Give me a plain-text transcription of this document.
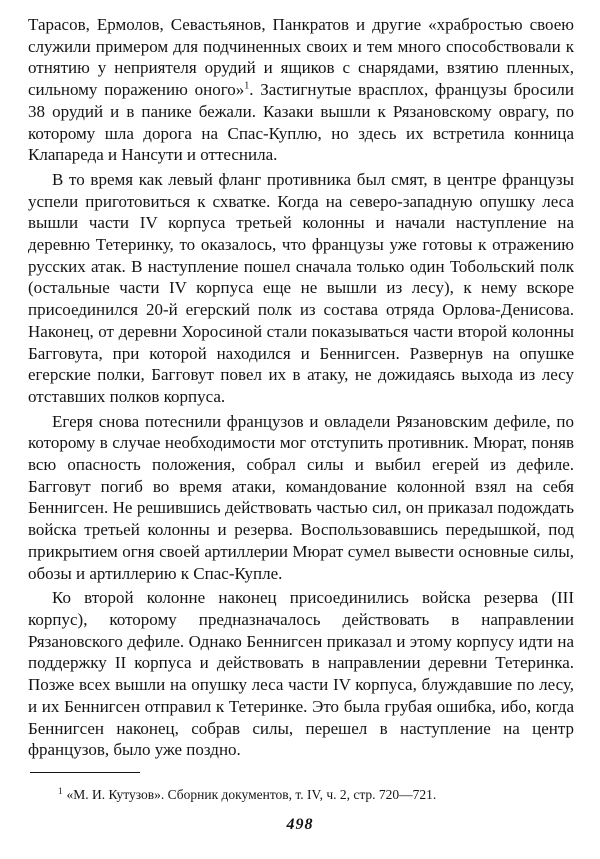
Тарасов, Ермолов, Севастьянов, Панкратов и другие «храбростью своею служили примером для подчиненных своих и тем много способствовали к отнятию у неприятеля орудий и ящиков с снарядами, взятию пленных, сильному поражению оного»$^1$. Застигнутые врасплох, французы бросили 38 орудий и в панике бежали. Казаки вышли к Рязановскому оврагу, по которому шла дорога на Спас-Куплю, но здесь их встретила конница Клапареда и Нансути и оттеснила.

В то время как левый фланг противника был смят, в центре французы успели приготовиться к схватке. Когда на северо-западную опушку леса вышли части IV корпуса третьей колонны и начали наступление на деревню Тетеринку, то оказалось, что французы уже готовы к отражению русских атак. В наступление пошел сначала только один Тобольский полк (остальные части IV корпуса еще не вышли из лесу), к нему вскоре присоединился 20-й егерский полк из состава отряда Орлова-Денисова. Наконец, от деревни Хоросиной стали показываться части второй колонны Багговута, при которой находился и Беннигсен. Развернув на опушке егерские полки, Багговут повел их в атаку, не дожидаясь выхода из лесу отставших полков корпуса.

Егеря снова потеснили французов и овладели Рязановским дефиле, по которому в случае необходимости мог отступить противник. Мюрат, поняв всю опасность положения, собрал силы и выбил егерей из дефиле. Багговут погиб во время атаки, командование колонной взял на себя Беннигсен. Не решившись действовать частью сил, он приказал подождать войска третьей колонны и резерва. Воспользовавшись передышкой, под прикрытием огня своей артиллерии Мюрат сумел вывести основные силы, обозы и артиллерию к Спас-Купле.

Ко второй колонне наконец присоединились войска резерва (III корпус), которому предназначалось действовать в направлении Рязановского дефиле. Однако Беннигсен приказал и этому корпусу идти на поддержку II корпуса и действовать в направлении деревни Тетеринка. Позже всех вышли на опушку леса части IV корпуса, блуждавшие по лесу, и их Беннигсен отправил к Тетеринке. Это была грубая ошибка, ибо, когда Беннигсен наконец, собрав силы, перешел в наступление на центр французов, было уже поздно.

$^1$ «М. И. Кутузов». Сборник документов, т. IV, ч. 2, стр. 720—721.

498
